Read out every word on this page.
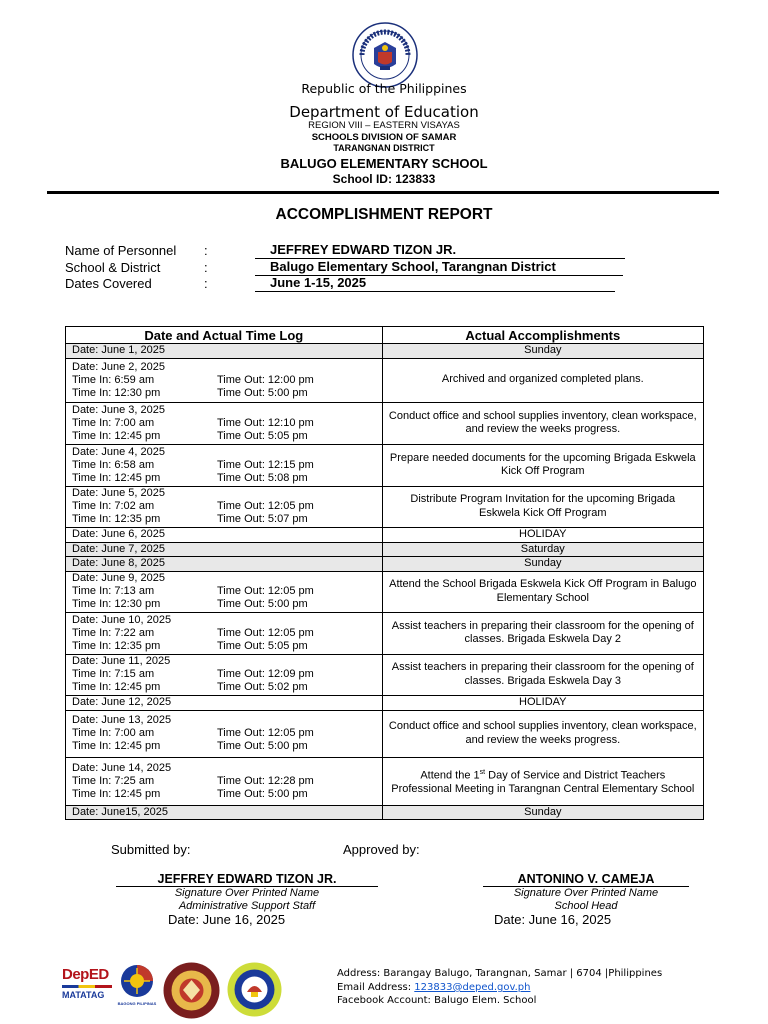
Republic of the Philippines
Department of Education
REGION VIII – EASTERN VISAYAS
SCHOOLS DIVISION OF SAMAR
TARANGNAN DISTRICT
BALUGO ELEMENTARY SCHOOL
School ID: 123833
ACCOMPLISHMENT REPORT
Name of Personnel :	JEFFREY EDWARD TIZON JR.
School & District	:	Balugo Elementary School, Tarangnan District
Dates Covered	:	June 1-15, 2025
Date and Actual Time Log	Actual Accomplishments
Date: June 1, 2025	Sunday

Date: June 2, 2025
Time In: 6:59 am Time Out: 12:00 pm
Time In: 12:30 pm Time Out: 5:00 pm	Archived and organized completed plans.

Date: June 3, 2025
Time In: 7:00 am Time Out: 12:10 pm
Time In: 12:45 pm Time Out: 5:05 pm	Conduct office and school supplies inventory, clean workspace, and review the weeks progress.

Date: June 4, 2025
Time In: 6:58 am Time Out: 12:15 pm
Time In: 12:45 pm Time Out: 5:08 pm	Prepare needed documents for the upcoming Brigada Eskwela Kick Off Program

Date: June 5, 2025
Time In: 7:02 am Time Out: 12:05 pm
Time In: 12:35 pm Time Out: 5:07 pm	Distribute Program Invitation for the upcoming Brigada Eskwela Kick Off Program
Date: June 6, 2025	HOLIDAY
Date: June 7, 2025	Saturday
Date: June 8, 2025	Sunday

Date: June 9, 2025
Time In: 7:13 am Time Out: 12:05 pm
Time In: 12:30 pm Time Out: 5:00 pm	Attend the School Brigada Eskwela Kick Off Program in Balugo Elementary School

Date: June 10, 2025
Time In: 7:22 am Time Out: 12:05 pm
Time In: 12:35 pm Time Out: 5:05 pm	Assist teachers in preparing their classroom for the opening of classes. Brigada Eskwela Day 2

Date: June 11, 2025
Time In: 7:15 am Time Out: 12:09 pm
Time In: 12:45 pm Time Out: 5:02 pm	Assist teachers in preparing their classroom for the opening of classes. Brigada Eskwela Day 3
Date: June 12, 2025	HOLIDAY

Date: June 13, 2025
Time In: 7:00 am Time Out: 12:05 pm
Time In: 12:45 pm Time Out: 5:00 pm	Conduct office and school supplies inventory, clean workspace, and review the weeks progress.

Date: June 14, 2025
Time In: 7:25 am Time Out: 12:28 pm
Time In: 12:45 pm Time Out: 5:00 pm	Attend the 1st Day of Service and District Teachers Professional Meeting in Tarangnan Central Elementary School
Date: June15, 2025	Sunday
Submitted by:	Approved by:
JEFFREY EDWARD TIZON JR.
Signature Over Printed Name
Administrative Support Staff
Date: June 16, 2025
ANTONINO V. CAMEJA
Signature Over Printed Name
School Head
Date: June 16, 2025
DepED
MATATAG
BAGONG PILIPINAS
Address: Barangay Balugo, Tarangnan, Samar | 6704 |Philippines
Email Address: 123833@deped.gov.ph
Facebook Account: Balugo Elem. School
